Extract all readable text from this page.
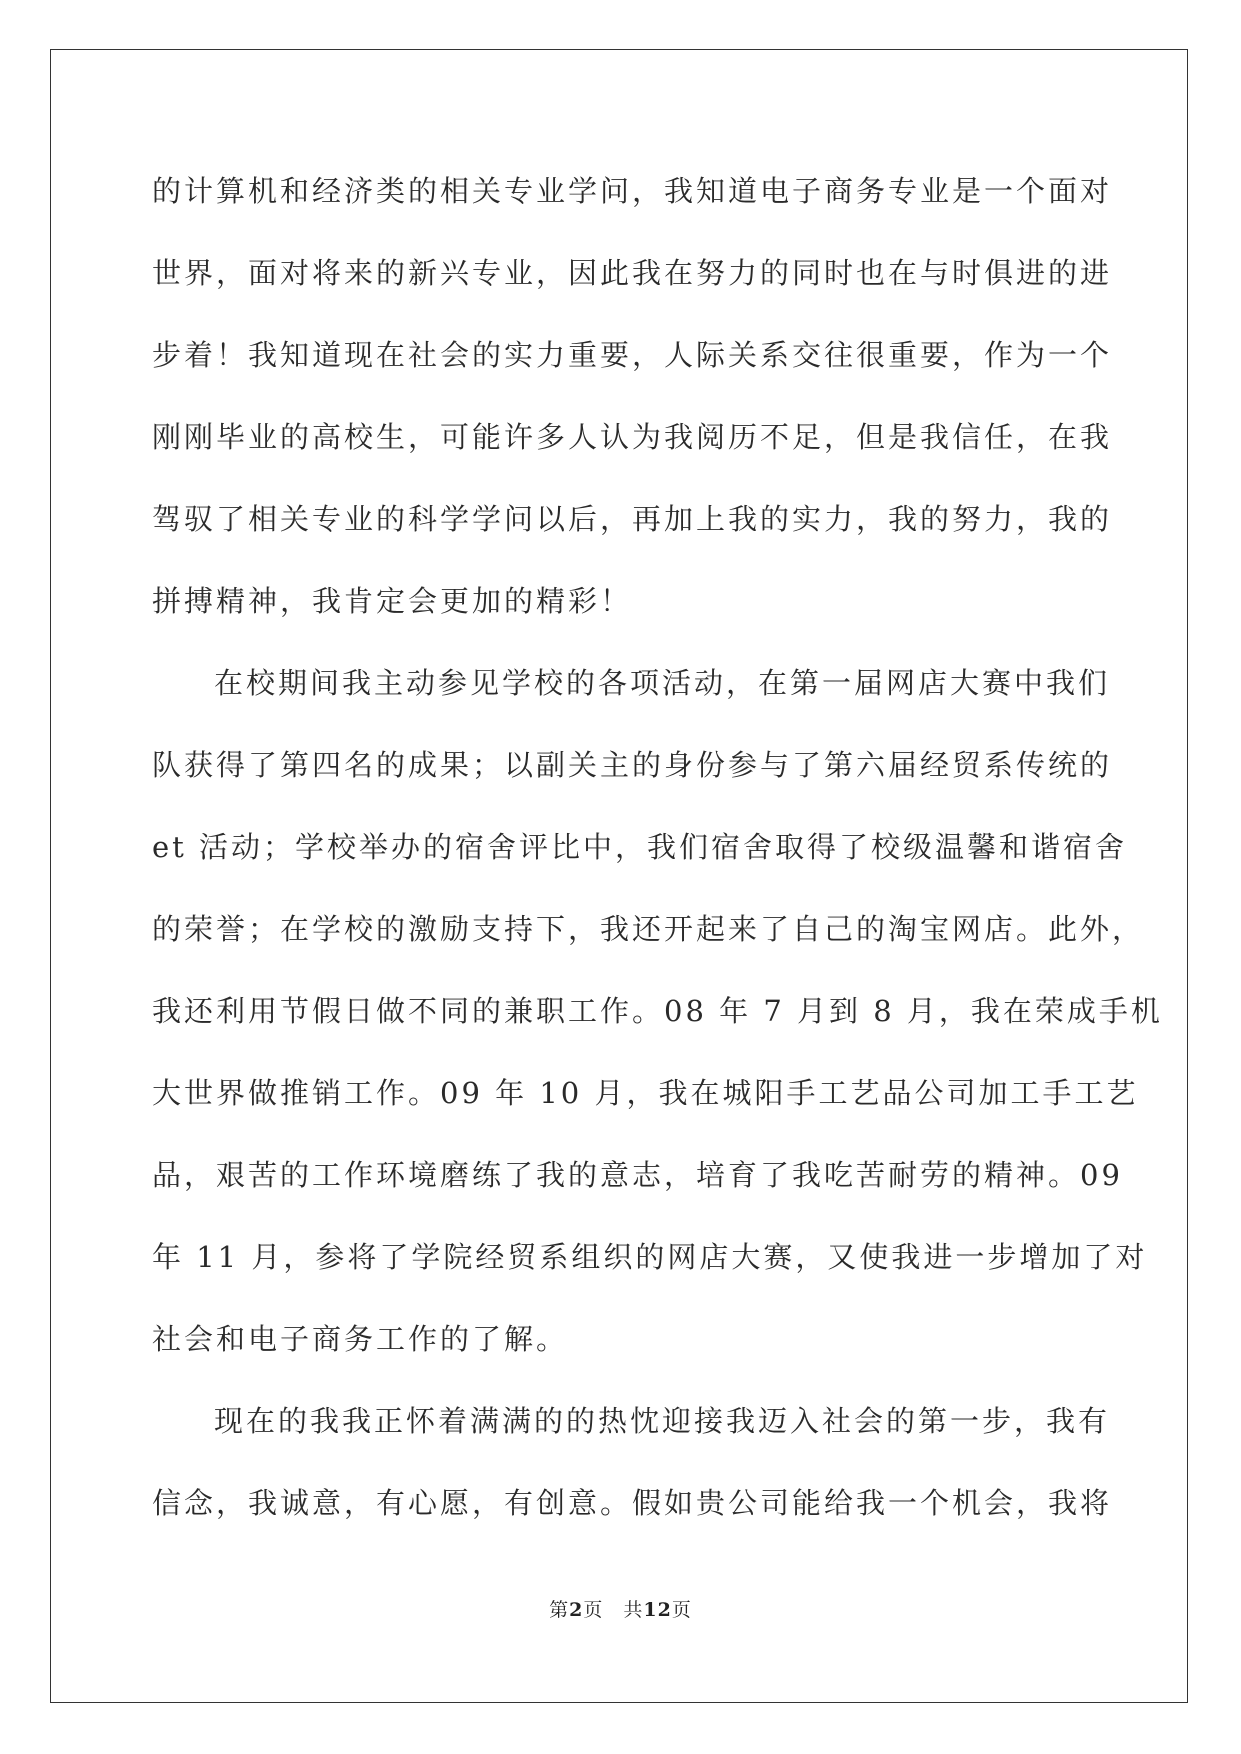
的计算机和经济类的相关专业学问，我知道电子商务专业是一个面对
世界，面对将来的新兴专业，因此我在努力的同时也在与时俱进的进
步着！我知道现在社会的实力重要，人际关系交往很重要，作为一个
刚刚毕业的高校生，可能许多人认为我阅历不足，但是我信任，在我
驾驭了相关专业的科学学问以后，再加上我的实力，我的努力，我的
拼搏精神，我肯定会更加的精彩！
在校期间我主动参见学校的各项活动，在第一届网店大赛中我们
队获得了第四名的成果；以副关主的身份参与了第六届经贸系传统的
et 活动；学校举办的宿舍评比中，我们宿舍取得了校级温馨和谐宿舍
的荣誉；在学校的激励支持下，我还开起来了自己的淘宝网店。此外，
我还利用节假日做不同的兼职工作。08 年 7 月到 8 月，我在荣成手机
大世界做推销工作。09 年 10 月，我在城阳手工艺品公司加工手工艺
品，艰苦的工作环境磨练了我的意志，培育了我吃苦耐劳的精神。09
年 11 月，参将了学院经贸系组织的网店大赛，又使我进一步增加了对
社会和电子商务工作的了解。
现在的我我正怀着满满的的热忱迎接我迈入社会的第一步，我有
信念，我诚意，有心愿，有创意。假如贵公司能给我一个机会，我将
第2页　共12页
